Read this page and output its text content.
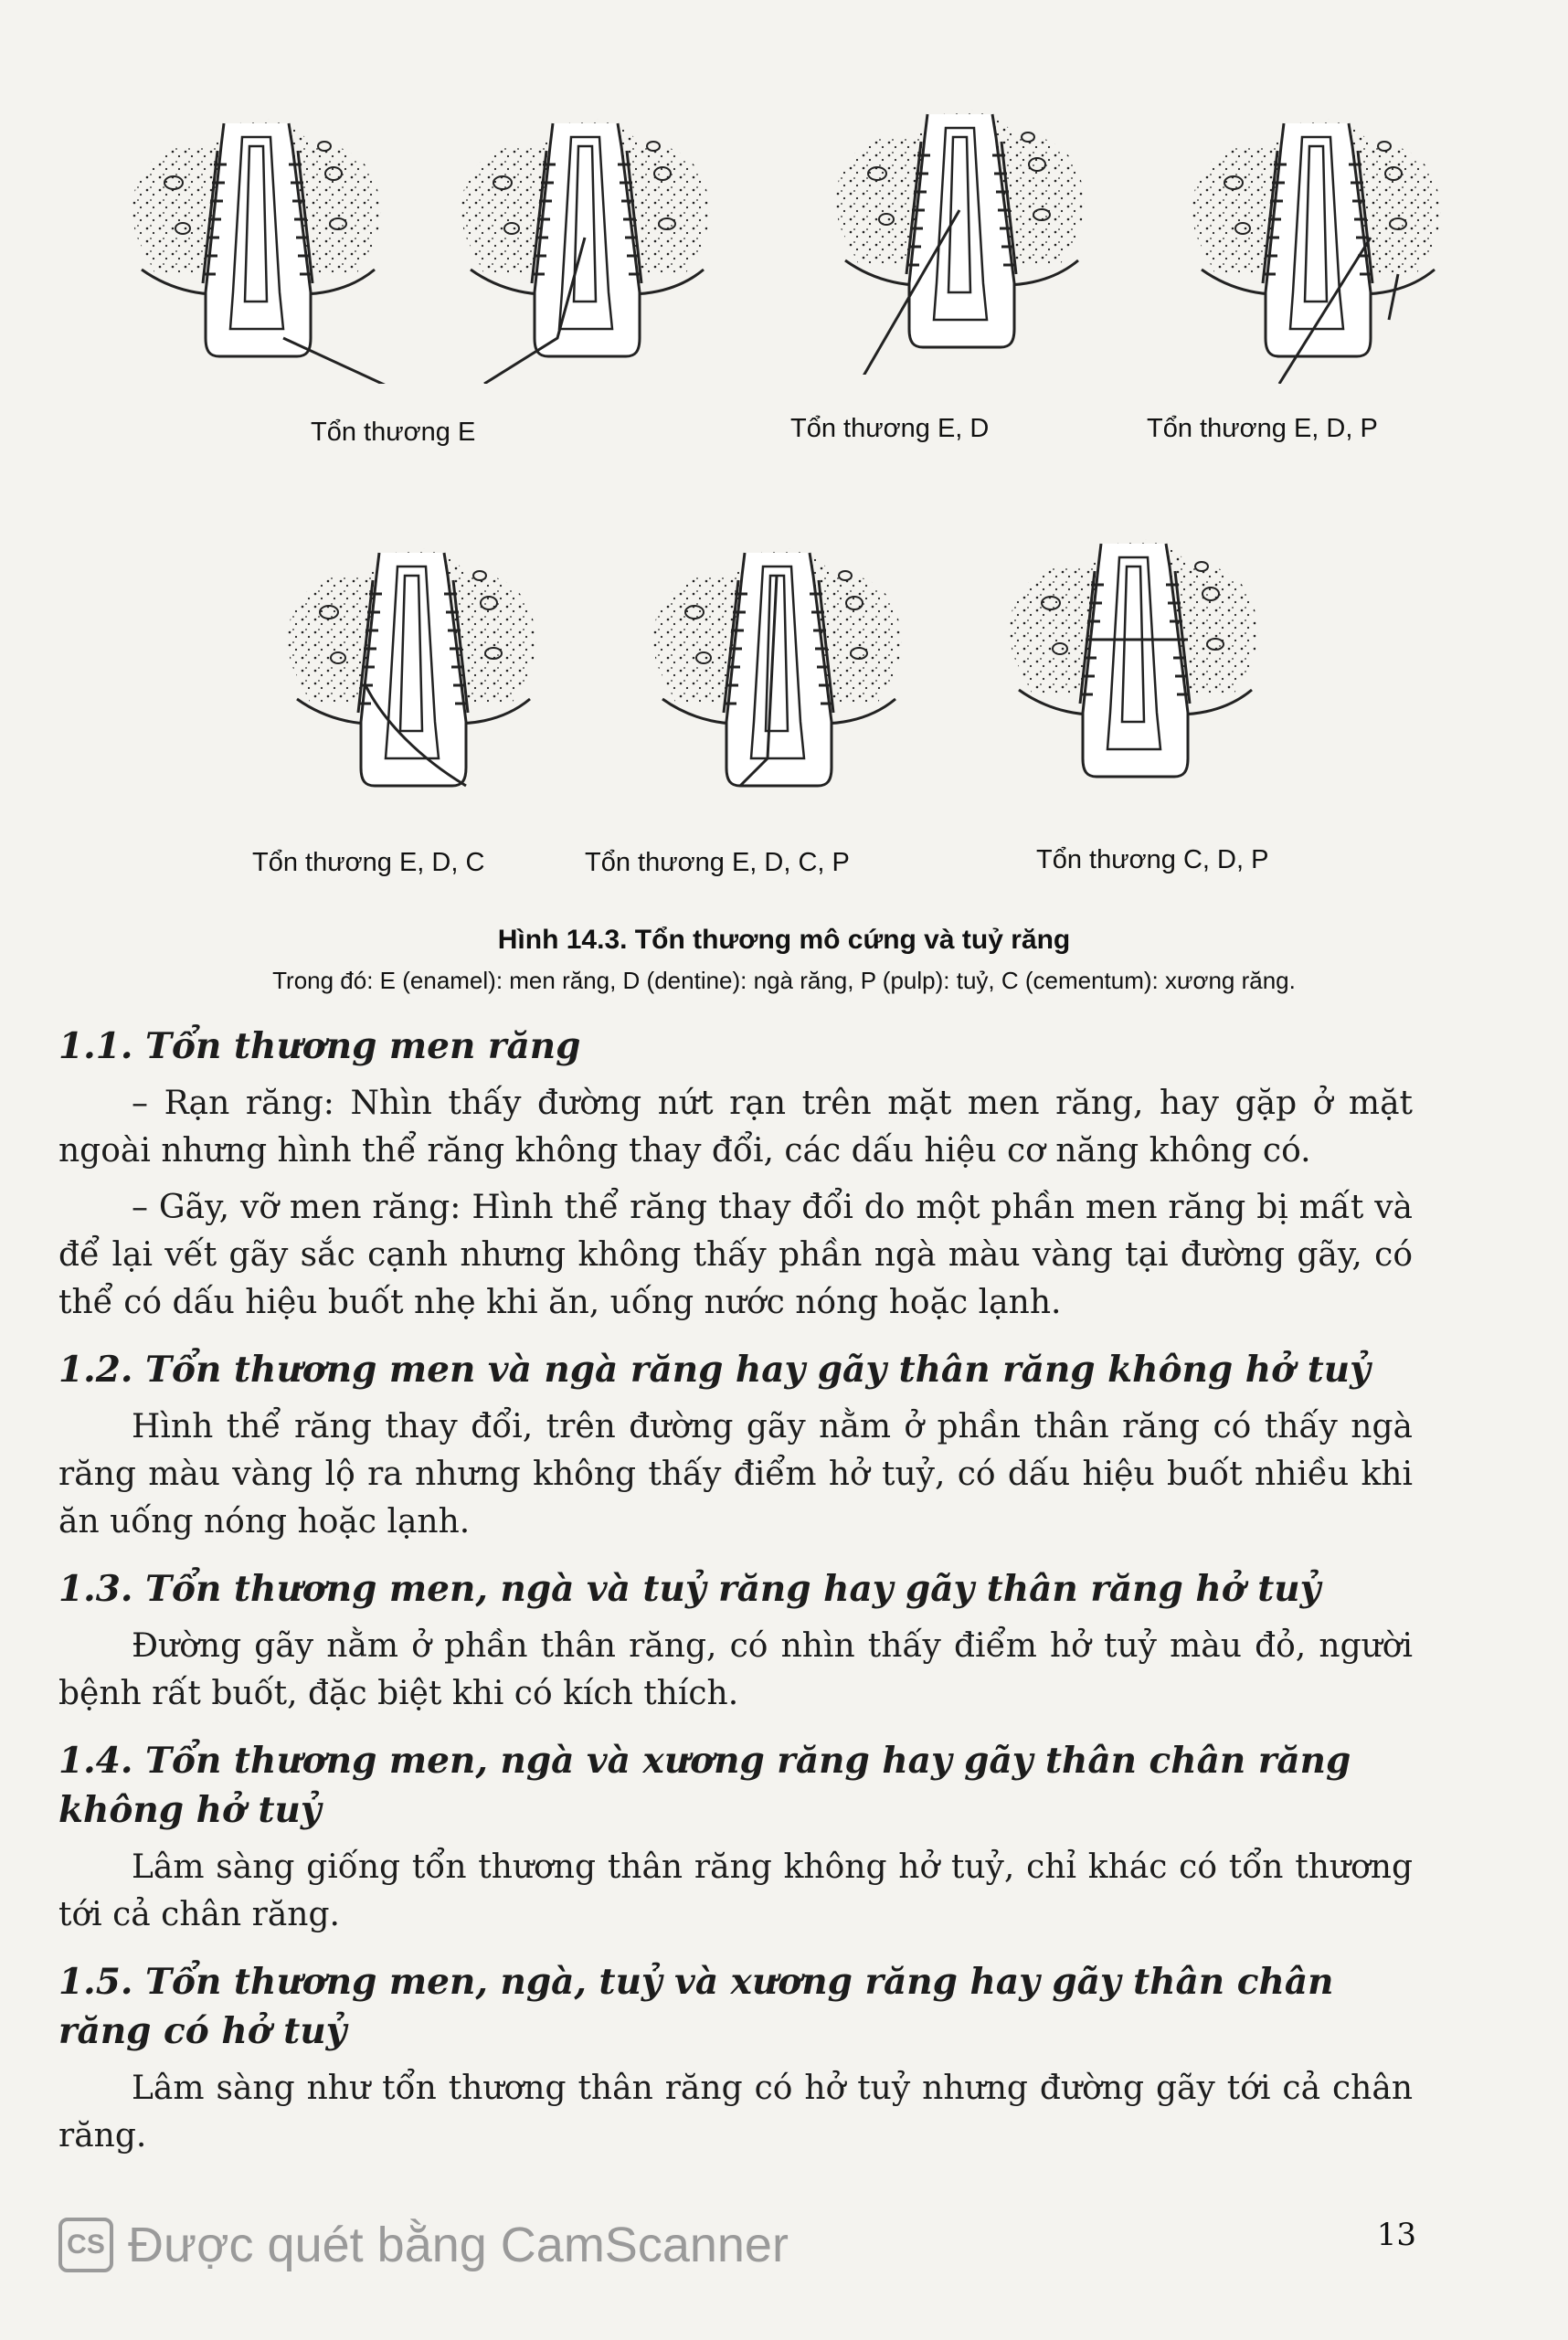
Tổn thương E	Tổn thương E, D	Tổn thương E, D, P
Tổn thương E, D, C	Tổn thương E, D, C, P	Tổn thương C, D, P
Hình 14.3. Tổn thương mô cứng và tuỷ răng
Trong đó: E (enamel): men răng, D (dentine): ngà răng, P (pulp): tuỷ, C (cementum): xương răng.

1.1. Tổn thương men răng

– Rạn răng: Nhìn thấy đường nứt rạn trên mặt men răng, hay gặp ở mặt ngoài nhưng hình thể răng không thay đổi, các dấu hiệu cơ năng không có.

– Gãy, vỡ men răng: Hình thể răng thay đổi do một phần men răng bị mất và để lại vết gãy sắc cạnh nhưng không thấy phần ngà màu vàng tại đường gãy, có thể có dấu hiệu buốt nhẹ khi ăn, uống nước nóng hoặc lạnh.

1.2. Tổn thương men và ngà răng hay gãy thân răng không hở tuỷ

Hình thể răng thay đổi, trên đường gãy nằm ở phần thân răng có thấy ngà răng màu vàng lộ ra nhưng không thấy điểm hở tuỷ, có dấu hiệu buốt nhiều khi ăn uống nóng hoặc lạnh.

1.3. Tổn thương men, ngà và tuỷ răng hay gãy thân răng hở tuỷ

Đường gãy nằm ở phần thân răng, có nhìn thấy điểm hở tuỷ màu đỏ, người bệnh rất buốt, đặc biệt khi có kích thích.

1.4. Tổn thương men, ngà và xương răng hay gãy thân chân răng không hở tuỷ

Lâm sàng giống tổn thương thân răng không hở tuỷ, chỉ khác có tổn thương tới cả chân răng.

1.5. Tổn thương men, ngà, tuỷ và xương răng hay gãy thân chân răng có hở tuỷ

Lâm sàng như tổn thương thân răng có hở tuỷ nhưng đường gãy tới cả chân răng.

CS Được quét bằng CamScanner	13
